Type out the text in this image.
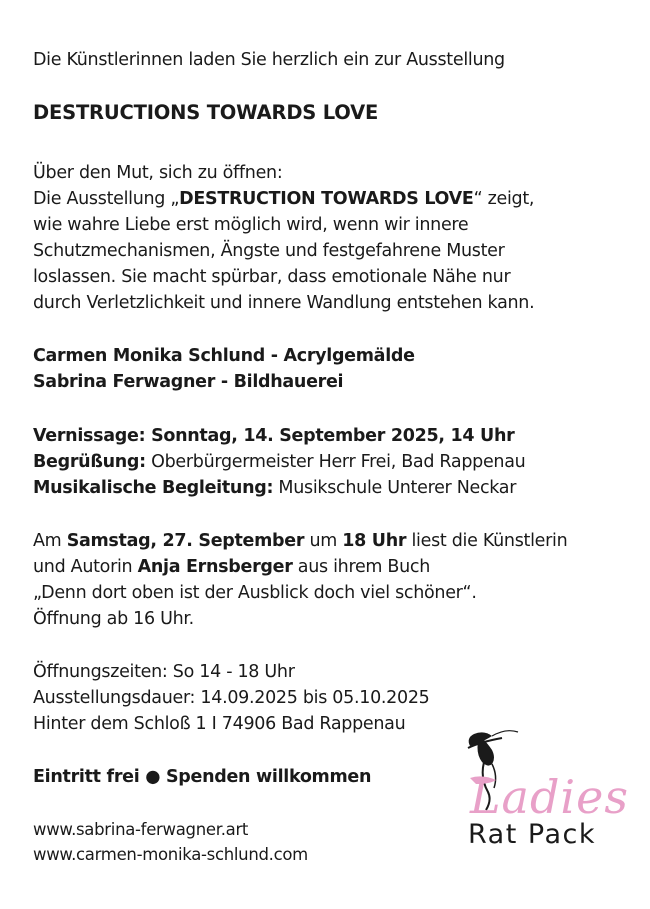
Die Künstlerinnen laden Sie herzlich ein zur Ausstellung
DESTRUCTIONS TOWARDS LOVE
Über den Mut, sich zu öffnen:
Die Ausstellung „DESTRUCTION TOWARDS LOVE“ zeigt,
wie wahre Liebe erst möglich wird, wenn wir innere
Schutzmechanismen, Ängste und festgefahrene Muster
loslassen. Sie macht spürbar, dass emotionale Nähe nur
durch Verletzlichkeit und innere Wandlung entstehen kann.
Carmen Monika Schlund - Acrylgemälde
Sabrina Ferwagner - Bildhauerei
Vernissage: Sonntag, 14. September 2025, 14 Uhr
Begrüßung: Oberbürgermeister Herr Frei, Bad Rappenau
Musikalische Begleitung: Musikschule Unterer Neckar
Am Samstag, 27. September um 18 Uhr liest die Künstlerin
und Autorin Anja Ernsberger aus ihrem Buch
„Denn dort oben ist der Ausblick doch viel schöner“.
Öffnung ab 16 Uhr.
Öffnungszeiten: So 14 - 18 Uhr
Ausstellungsdauer: 14.09.2025 bis 05.10.2025
Hinter dem Schloß 1 I 74906 Bad Rappenau
Eintritt frei ● Spenden willkommen
www.sabrina-ferwagner.art
www.carmen-monika-schlund.com
Ladies
Rat Pack
